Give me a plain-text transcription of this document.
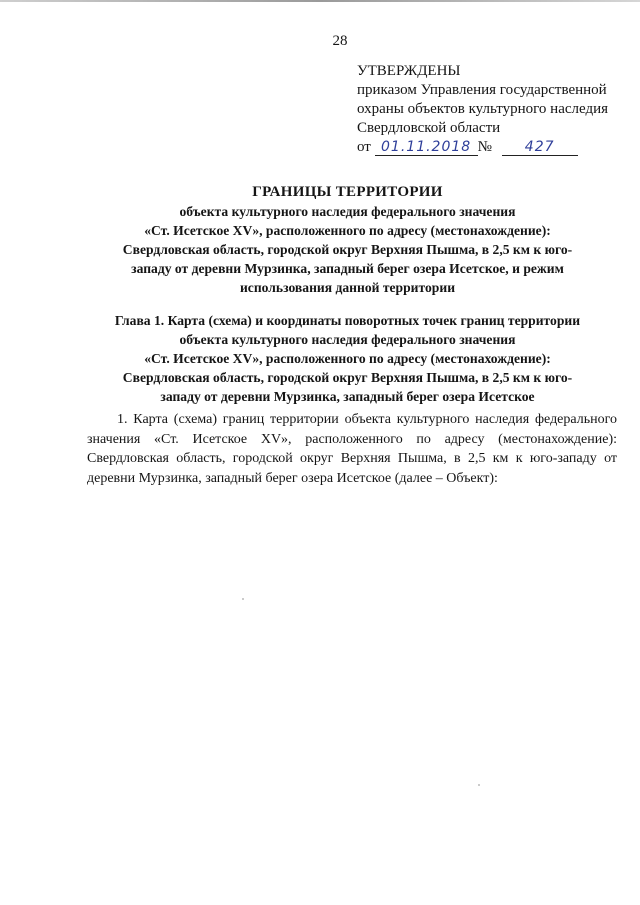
28
УТВЕРЖДЕНЫ
приказом Управления государственной
охраны объектов культурного наследия
Свердловской области
от 01.11.2018 № 427
ГРАНИЦЫ ТЕРРИТОРИИ
объекта культурного наследия федерального значения
«Ст. Исетское XV», расположенного по адресу (местонахождение):
Свердловская область, городской округ Верхняя Пышма, в 2,5 км к юго-
западу от деревни Мурзинка, западный берег озера Исетское, и режим
использования данной территории
Глава 1. Карта (схема) и координаты поворотных точек границ территории
объекта культурного наследия федерального значения
«Ст. Исетское XV», расположенного по адресу (местонахождение):
Свердловская область, городской округ Верхняя Пышма, в 2,5 км к юго-
западу от деревни Мурзинка, западный берег озера Исетское

1. Карта (схема) границ территории объекта культурного наследия федерального значения «Ст. Исетское XV», расположенного по адресу (местонахождение): Свердловская область, городской округ Верхняя Пышма, в 2,5 км к юго-западу от деревни Мурзинка, западный берег озера Исетское (далее – Объект):
